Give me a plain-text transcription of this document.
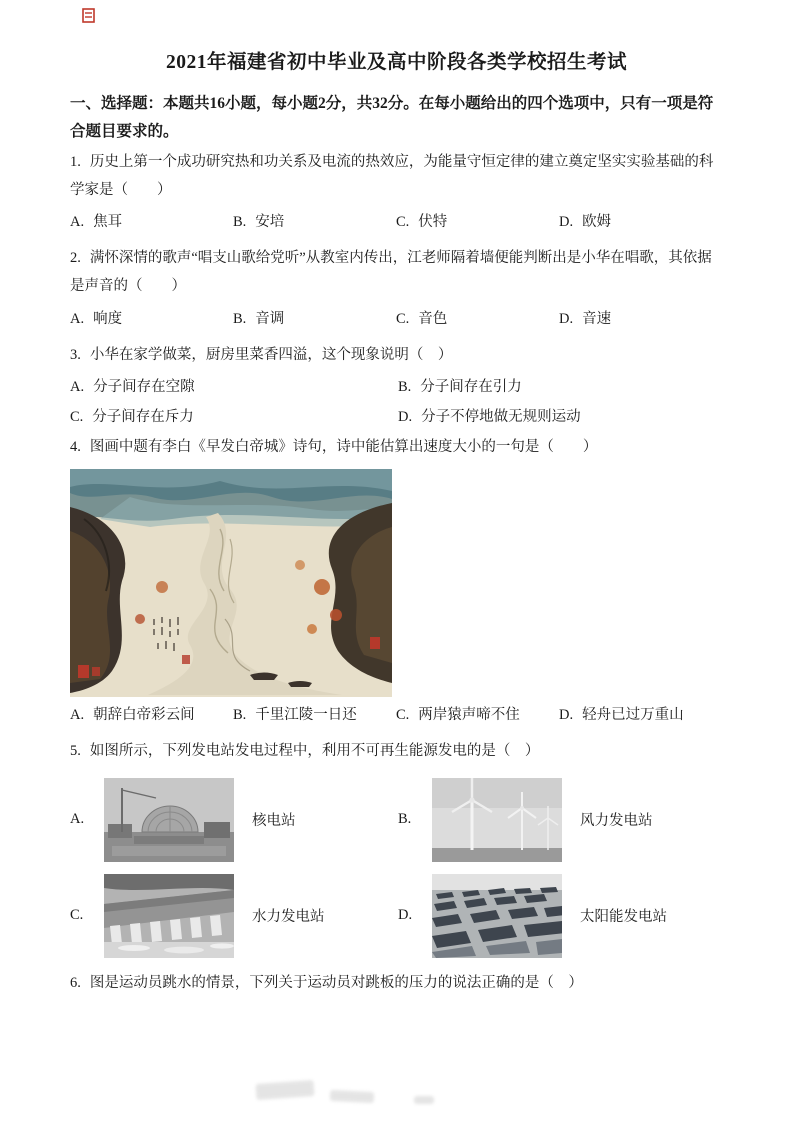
2021年福建省初中毕业及高中阶段各类学校招生考试

一、选择题：本题共16小题，每小题2分，共32分。在每小题给出的四个选项中，只有一项是符合题目要求的。

1. 历史上第一个成功研究热和功关系及电流的热效应，为能量守恒定律的建立奠定坚实实验基础的科学家是（　　）
A. 焦耳	B. 安培	C. 伏特	D. 欧姆
2. 满怀深情的歌声“唱支山歌给党听”从教室内传出，江老师隔着墙便能判断出是小华在唱歌，其依据是声音的（　　）
A. 响度	B. 音调	C. 音色	D. 音速
3. 小华在家学做菜，厨房里菜香四溢，这个现象说明（　）
A. 分子间存在空隙	B. 分子间存在引力
C. 分子间存在斥力	D. 分子不停地做无规则运动
4. 图画中题有李白《早发白帝城》诗句，诗中能估算出速度大小的一句是（　　）
A. 朝辞白帝彩云间	B. 千里江陵一日还	C. 两岸猿声啼不住	D. 轻舟已过万重山
5. 如图所示，下列发电站发电过程中，利用不可再生能源发电的是（　）
A.	核电站	B.	风力发电站
C.	水力发电站	D.	太阳能发电站
6. 图是运动员跳水的情景，下列关于运动员对跳板的压力的说法正确的是（　）
